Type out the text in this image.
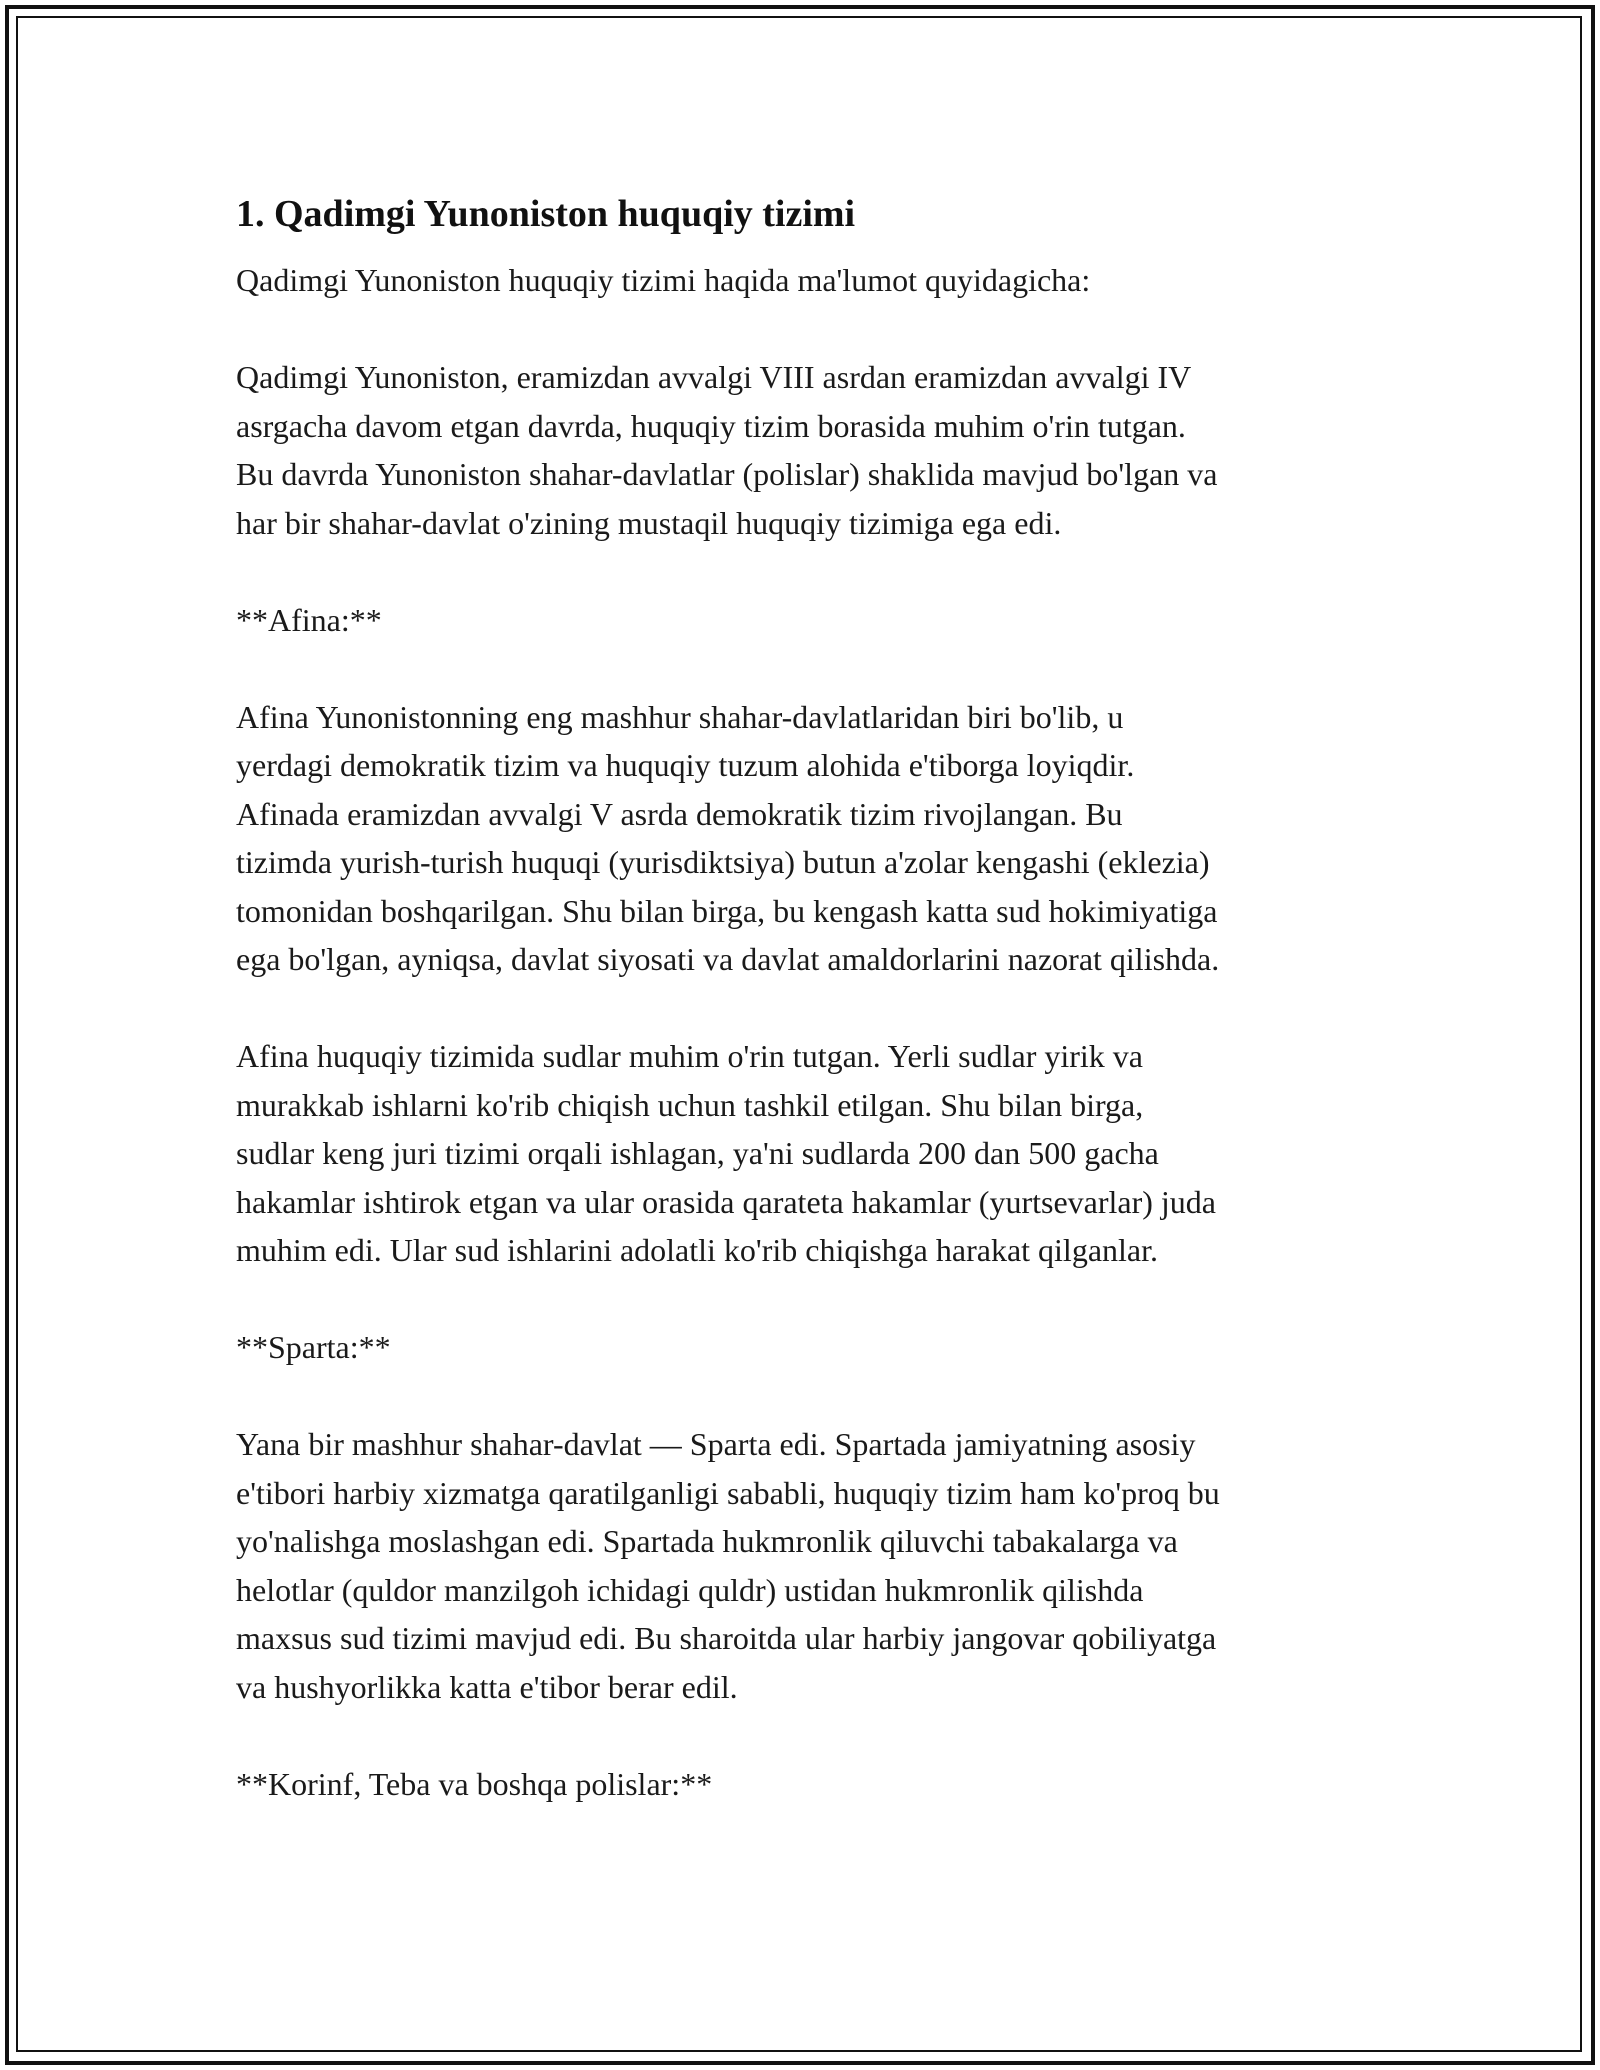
1. Qadimgi Yunoniston huquqiy tizimi
Qadimgi Yunoniston huquqiy tizimi haqida ma'lumot quyidagicha:
Qadimgi Yunoniston, eramizdan avvalgi VIII asrdan eramizdan avvalgi IV
asrgacha davom etgan davrda, huquqiy tizim borasida muhim o'rin tutgan.
Bu davrda Yunoniston shahar-davlatlar (polislar) shaklida mavjud bo'lgan va
har bir shahar-davlat o'zining mustaqil huquqiy tizimiga ega edi.
**Afina:**
Afina Yunonistonning eng mashhur shahar-davlatlaridan biri bo'lib, u
yerdagi demokratik tizim va huquqiy tuzum alohida e'tiborga loyiqdir.
Afinada eramizdan avvalgi V asrda demokratik tizim rivojlangan. Bu
tizimda yurish-turish huquqi (yurisdiktsiya) butun a'zolar kengashi (eklezia)
tomonidan boshqarilgan. Shu bilan birga, bu kengash katta sud hokimiyatiga
ega bo'lgan, ayniqsa, davlat siyosati va davlat amaldorlarini nazorat qilishda.
Afina huquqiy tizimida sudlar muhim o'rin tutgan. Yerli sudlar yirik va
murakkab ishlarni ko'rib chiqish uchun tashkil etilgan. Shu bilan birga,
sudlar keng juri tizimi orqali ishlagan, ya'ni sudlarda 200 dan 500 gacha
hakamlar ishtirok etgan va ular orasida qarateta hakamlar (yurtsevarlar) juda
muhim edi. Ular sud ishlarini adolatli ko'rib chiqishga harakat qilganlar.
**Sparta:**
Yana bir mashhur shahar-davlat — Sparta edi. Spartada jamiyatning asosiy
e'tibori harbiy xizmatga qaratilganligi sababli, huquqiy tizim ham ko'proq bu
yo'nalishga moslashgan edi. Spartada hukmronlik qiluvchi tabakalarga va
helotlar (quldor manzilgoh ichidagi quldr) ustidan hukmronlik qilishda
maxsus sud tizimi mavjud edi. Bu sharoitda ular harbiy jangovar qobiliyatga
va hushyorlikka katta e'tibor berar edil.
**Korinf, Teba va boshqa polislar:**
